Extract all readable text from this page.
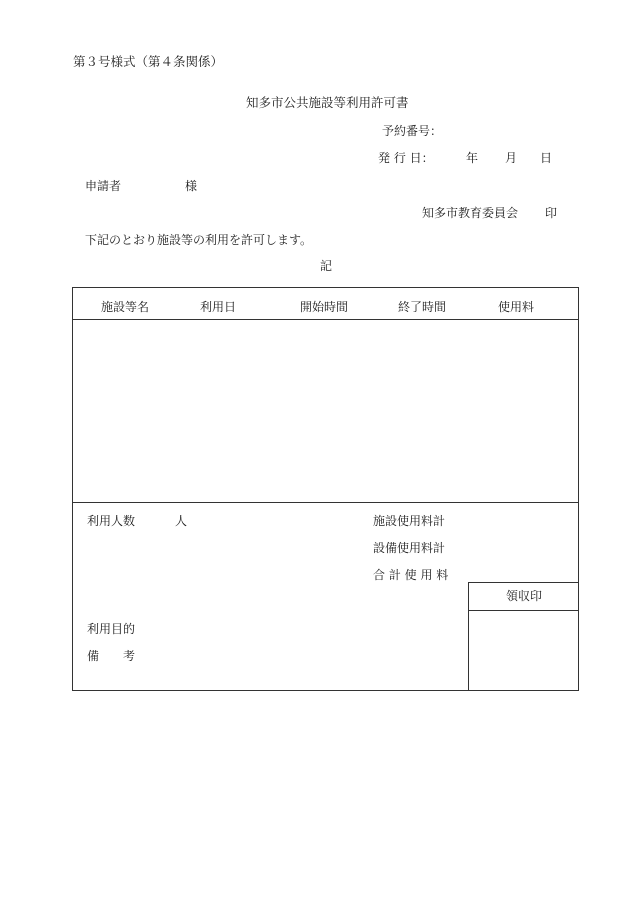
第３号様式（第４条関係）
知多市公共施設等利用許可書
予約番号：
発 行 日：	年 月 日
申請者	様
知多市教育委員会 印
下記のとおり施設等の利用を許可します。
記
施設等名	利用日	開始時間	終了時間	使用料
利用人数	人	施設使用料計
設備使用料計
合 計 使 用 料
利用目的
備　　考
領収印
